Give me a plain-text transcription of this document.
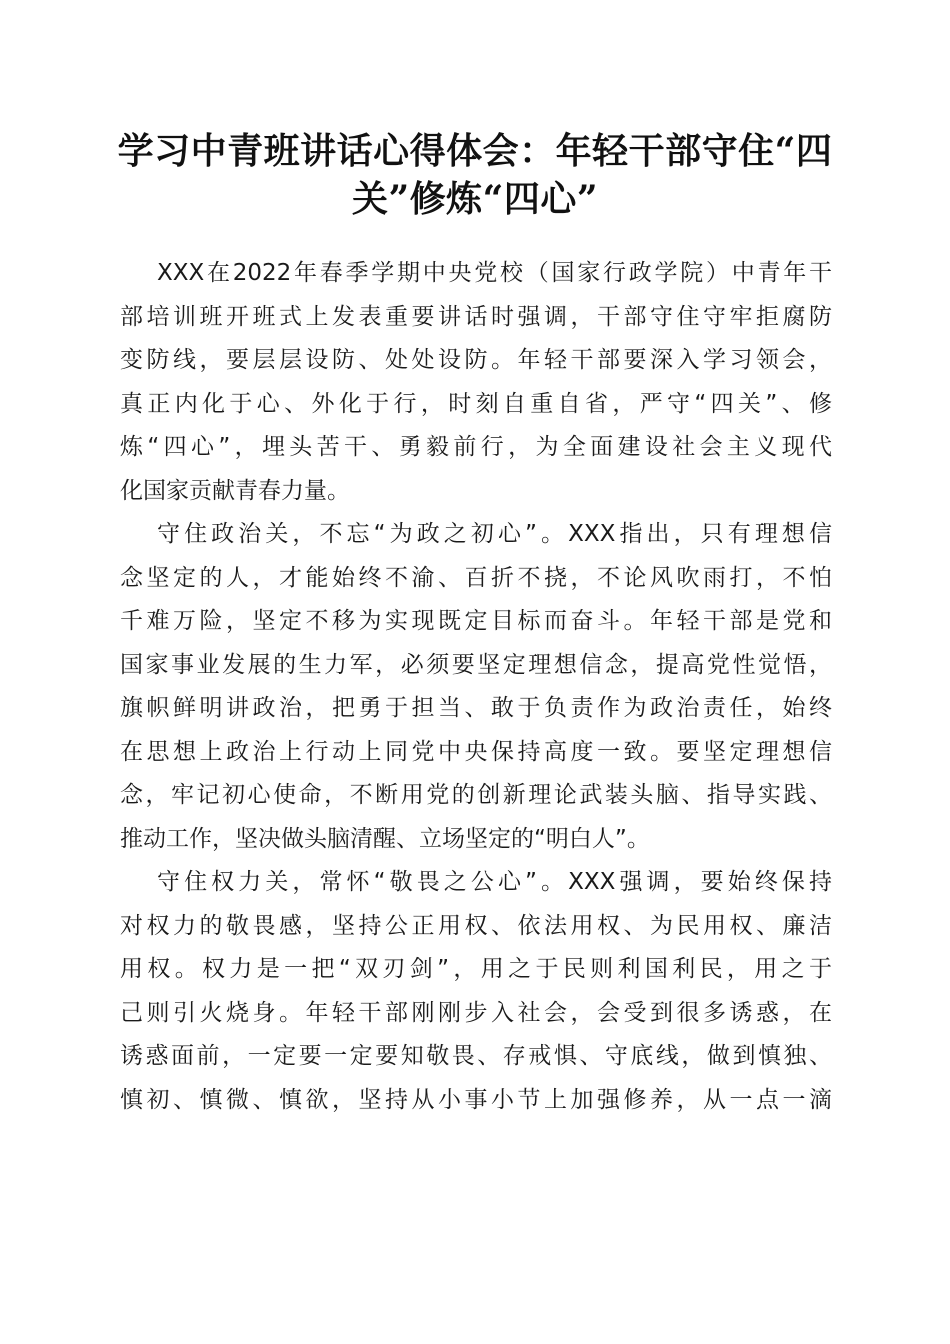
学习中青班讲话心得体会：年轻干部守住“四
关”修炼“四心”
XXX在2022年春季学期中央党校（国家行政学院）中青年干
部培训班开班式上发表重要讲话时强调，干部守住守牢拒腐防
变防线，要层层设防、处处设防。年轻干部要深入学习领会，
真正内化于心、外化于行，时刻自重自省，严守“四关”、修
炼“四心”，埋头苦干、勇毅前行，为全面建设社会主义现代
化国家贡献青春力量。
守住政治关，不忘“为政之初心”。XXX指出，只有理想信
念坚定的人，才能始终不渝、百折不挠，不论风吹雨打，不怕
千难万险，坚定不移为实现既定目标而奋斗。年轻干部是党和
国家事业发展的生力军，必须要坚定理想信念，提高党性觉悟，
旗帜鲜明讲政治，把勇于担当、敢于负责作为政治责任，始终
在思想上政治上行动上同党中央保持高度一致。要坚定理想信
念，牢记初心使命，不断用党的创新理论武装头脑、指导实践、
推动工作，坚决做头脑清醒、立场坚定的“明白人”。
守住权力关，常怀“敬畏之公心”。XXX强调，要始终保持
对权力的敬畏感，坚持公正用权、依法用权、为民用权、廉洁
用权。权力是一把“双刃剑”，用之于民则利国利民，用之于
己则引火烧身。年轻干部刚刚步入社会，会受到很多诱惑，在
诱惑面前，一定要一定要知敬畏、存戒惧、守底线，做到慎独、
慎初、慎微、慎欲，坚持从小事小节上加强修养，从一点一滴
